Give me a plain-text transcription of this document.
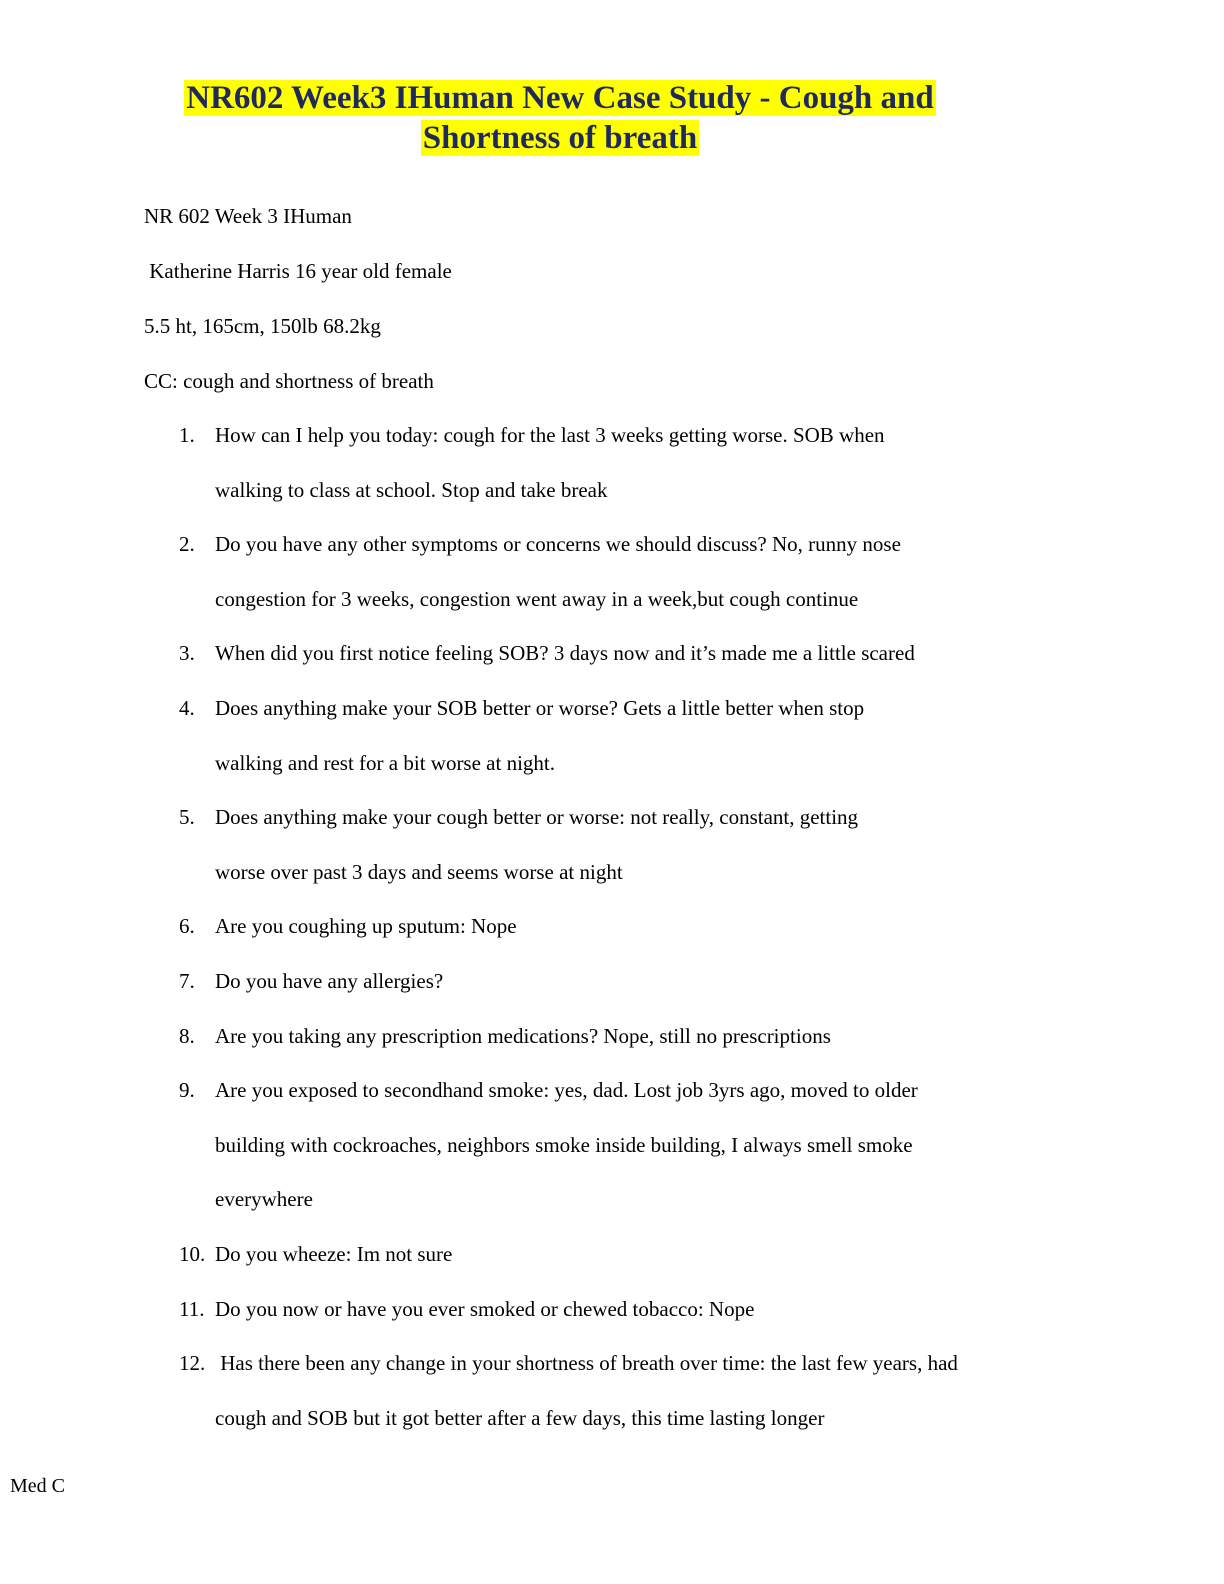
NR602 Week3 IHuman New Case Study - Cough and
Shortness of breath
NR 602 Week 3 IHuman
Katherine Harris 16 year old female
5.5 ht, 165cm, 150lb 68.2kg
CC: cough and shortness of breath
1. How can I help you today: cough for the last 3 weeks getting worse. SOB when
walking to class at school. Stop and take break
2. Do you have any other symptoms or concerns we should discuss? No, runny nose
congestion for 3 weeks, congestion went away in a week,but cough continue
3. When did you first notice feeling SOB? 3 days now and it’s made me a little scared
4. Does anything make your SOB better or worse? Gets a little better when stop
walking and rest for a bit worse at night.
5. Does anything make your cough better or worse: not really, constant, getting
worse over past 3 days and seems worse at night
6. Are you coughing up sputum: Nope
7. Do you have any allergies?
8. Are you taking any prescription medications? Nope, still no prescriptions
9. Are you exposed to secondhand smoke: yes, dad. Lost job 3yrs ago, moved to older
building with cockroaches, neighbors smoke inside building, I always smell smoke
everywhere
10. Do you wheeze: Im not sure
11. Do you now or have you ever smoked or chewed tobacco: Nope
12. Has there been any change in your shortness of breath over time: the last few years, had
cough and SOB but it got better after a few days, this time lasting longer
Med C
